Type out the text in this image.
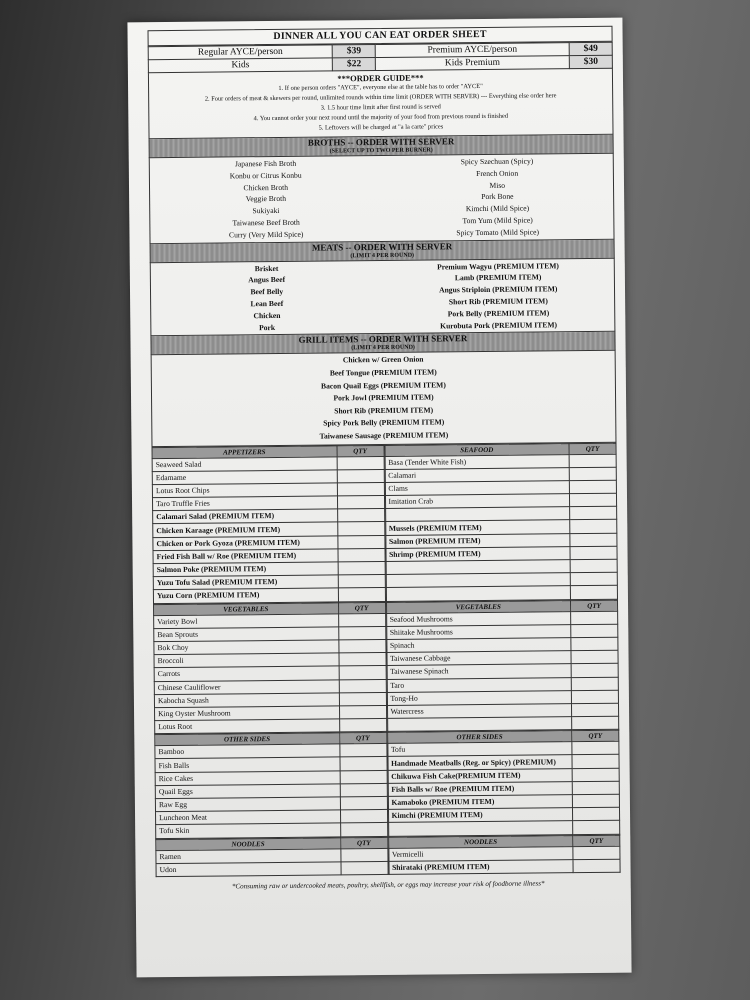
DINNER ALL YOU CAN EAT ORDER SHEET
Regular AYCE/person	$39	Premium AYCE/person	$49
Kids	$22	Kids Premium	$30
***ORDER GUIDE***
1. If one person orders "AYCE", everyone else at the table has to order "AYCE"
2. Four orders of meat & skewers per round, unlimited rounds within time limit (ORDER WITH SERVER) --- Everything else order here
3. 1.5 hour time limit after first round is served
4. You cannot order your next round until the majority of your food from previous round is finished
5. Leftovers will be charged at "a la carte" prices
BROTHS -- ORDER WITH SERVER
(SELECT UP TO TWO PER BURNER)
Japanese Fish Broth
Konbu or Citrus Konbu
Chicken Broth
Veggie Broth
Sukiyaki
Taiwanese Beef Broth
Curry (Very Mild Spice)
Spicy Szechuan (Spicy)
French Onion
Miso
Pork Bone
Kimchi (Mild Spice)
Tom Yum (Mild Spice)
Spicy Tomato (Mild Spice)
MEATS -- ORDER WITH SERVER
(LIMIT 4 PER ROUND)
Brisket
Angus Beef
Beef Belly
Lean Beef
Chicken
Pork
Premium Wagyu (PREMIUM ITEM)
Lamb (PREMIUM ITEM)
Angus Striploin (PREMIUM ITEM)
Short Rib (PREMIUM ITEM)
Pork Belly (PREMIUM ITEM)
Kurobuta Pork (PREMIUM ITEM)
GRILL ITEMS -- ORDER WITH SERVER
(LIMIT 4 PER ROUND)
Chicken w/ Green Onion
Beef Tongue (PREMIUM ITEM)
Bacon Quail Eggs (PREMIUM ITEM)
Pork Jowl (PREMIUM ITEM)
Short Rib (PREMIUM ITEM)
Spicy Pork Belly (PREMIUM ITEM)
Taiwanese Sausage (PREMIUM ITEM)
APPETIZERS	QTY
Seaweed Salad	
Edamame	
Lotus Root Chips	
Taro Truffle Fries	
Calamari Salad (PREMIUM ITEM)	
Chicken Karaage (PREMIUM ITEM)	
Chicken or Pork Gyoza (PREMIUM ITEM)	
Fried Fish Ball w/ Roe (PREMIUM ITEM)	
Salmon Poke (PREMIUM ITEM)	
Yuzu Tofu Salad (PREMIUM ITEM)	
Yuzu Corn (PREMIUM ITEM)	
SEAFOOD	QTY
Basa (Tender White Fish)	
Calamari	
Clams	
Imitation Crab	

Mussels (PREMIUM ITEM)	
Salmon (PREMIUM ITEM)	
Shrimp (PREMIUM ITEM)	

VEGETABLES	QTY
Variety Bowl	
Bean Sprouts	
Bok Choy	
Broccoli	
Carrots	
Chinese Cauliflower	
Kabocha Squash	
King Oyster Mushroom	
Lotus Root	
VEGETABLES	QTY
Seafood Mushrooms	
Shiitake Mushrooms	
Spinach	
Taiwanese Cabbage	
Taiwanese Spinach	
Taro	
Tong-Ho	
Watercress	

OTHER SIDES	QTY
Bamboo	
Fish Balls	
Rice Cakes	
Quail Eggs	
Raw Egg	
Luncheon Meat	
Tofu Skin	
OTHER SIDES	QTY
Tofu	
Handmade Meatballs (Reg. or Spicy) (PREMIUM)	
Chikuwa Fish Cake(PREMIUM ITEM)	
Fish Balls w/ Roe (PREMIUM ITEM)	
Kamaboko (PREMIUM ITEM)	
Kimchi (PREMIUM ITEM)	

NOODLES	QTY
Ramen	
Udon	
NOODLES	QTY
Vermicelli	
Shirataki (PREMIUM ITEM)	
*Consuming raw or undercooked meats, poultry, shellfish, or eggs may increase your risk of foodborne illness*
